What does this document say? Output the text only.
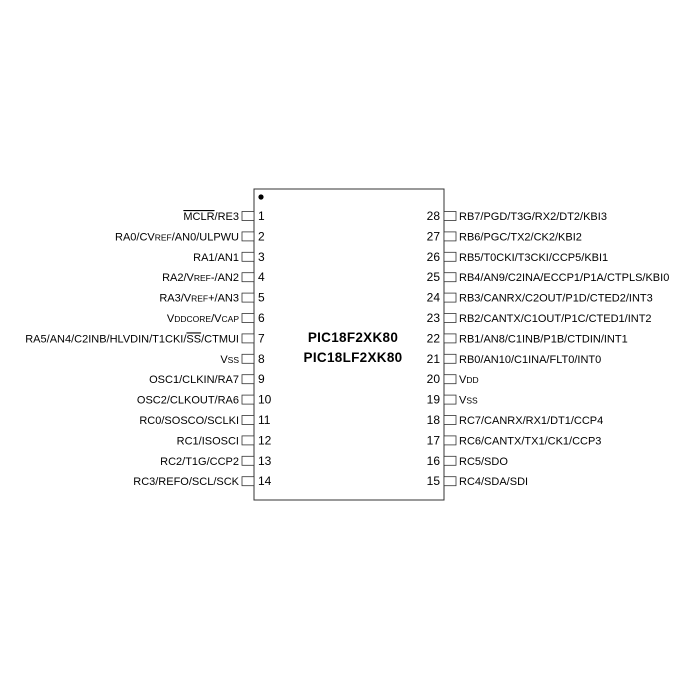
PIC18F2XK80
PIC18LF2XK80
1
MCLR/RE3
2
RA0/CVREF/AN0/ULPWU
3
RA1/AN1
4
RA2/VREF-/AN2
5
RA3/VREF+/AN3
6
VDDCORE/VCAP
7
RA5/AN4/C2INB/HLVDIN/T1CKI/SS/CTMUI
8
VSS
9
OSC1/CLKIN/RA7
10
OSC2/CLKOUT/RA6
11
RC0/SOSCO/SCLKI
12
RC1/ISOSCI
13
RC2/T1G/CCP2
14
RC3/REFO/SCL/SCK	15 RC4/SDA/SDI
16 RC5/SDO
17 RC6/CANTX/TX1/CK1/CCP3
18 RC7/CANRX/RX1/DT1/CCP4
19 VSS
20 VDD
21 RB0/AN10/C1INA/FLT0/INT0
22 RB1/AN8/C1INB/P1B/CTDIN/INT1
23 RB2/CANTX/C1OUT/P1C/CTED1/INT2
24 RB3/CANRX/C2OUT/P1D/CTED2/INT3
25 RB4/AN9/C2INA/ECCP1/P1A/CTPLS/KBI0
26 RB5/T0CKI/T3CKI/CCP5/KBI1
27 RB6/PGC/TX2/CK2/KBI2
28 RB7/PGD/T3G/RX2/DT2/KBI3
